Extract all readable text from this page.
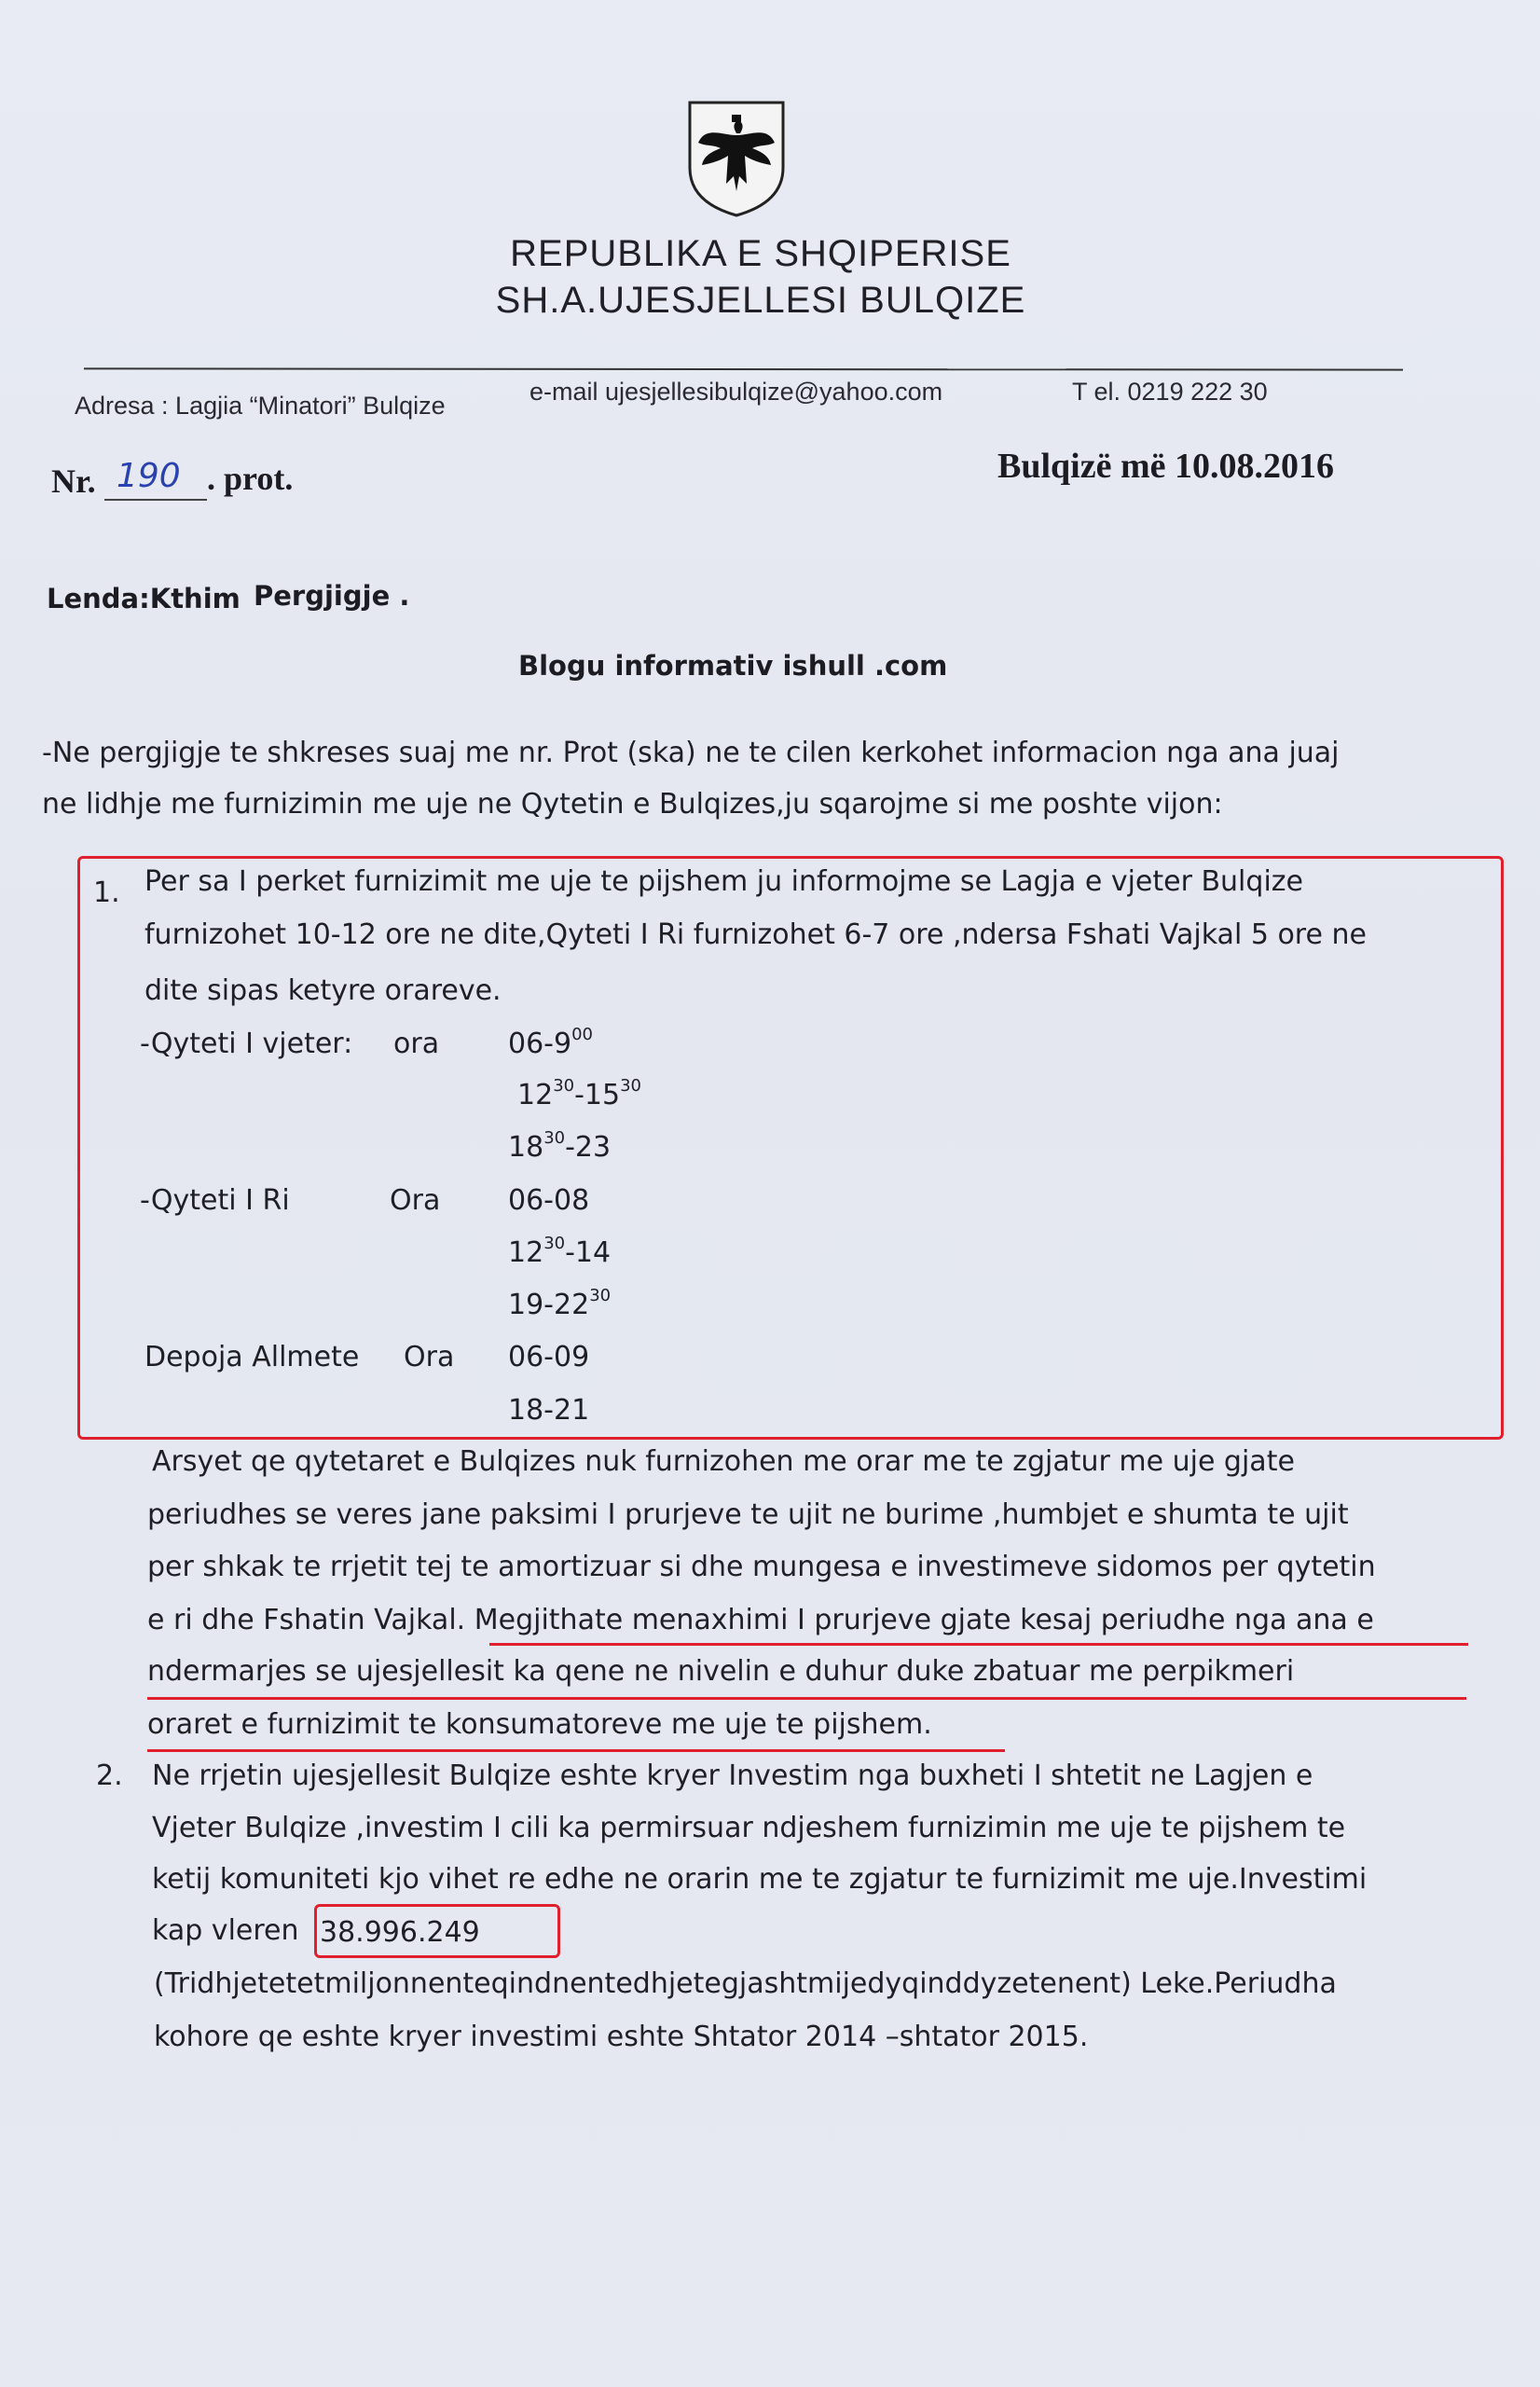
REPUBLIKA E SHQIPERISE
SH.A.UJESJELLESI BULQIZE
Adresa : Lagjia “Minatori” Bulqize	e-mail ujesjellesibulqize@yahoo.com	T el. 0219 222 30
Nr. 190 . prot.	Bulqizë më 10.08.2016
Lenda:Kthim Pergjigje .
Blogu informativ ishull .com
-Ne pergjigje te shkreses suaj me nr. Prot (ska) ne te cilen kerkohet informacion nga ana juaj
ne lidhje me furnizimin me uje ne Qytetin e Bulqizes,ju sqarojme si me poshte vijon:
1. Per sa I perket furnizimit me uje te pijshem ju informojme se Lagja e vjeter Bulqize
furnizohet 10-12 ore ne dite,Qyteti I Ri furnizohet 6-7 ore ,ndersa Fshati Vajkal 5 ore ne
dite sipas ketyre orareve.
-Qyteti I vjeter: ora $06-9^{00}$
$12^{30}-15^{30}$
$18^{30}-23$
-Qyteti I Ri	Ora 06-08
$12^{30}-14$
$19-22^{30}$
Depoja Allmete Ora 06-09
18-21
Arsyet qe qytetaret e Bulqizes nuk furnizohen me orar me te zgjatur me uje gjate
periudhes se veres jane paksimi I prurjeve te ujit ne burime ,humbjet e shumta te ujit
per shkak te rrjetit tej te amortizuar si dhe mungesa e investimeve sidomos per qytetin
e ri dhe Fshatin Vajkal. Megjithate menaxhimi I prurjeve gjate kesaj periudhe nga ana e
ndermarjes se ujesjellesit ka qene ne nivelin e duhur duke zbatuar me perpikmeri
oraret e furnizimit te konsumatoreve me uje te pijshem.
2. Ne rrjetin ujesjellesit Bulqize eshte kryer Investim nga buxheti I shtetit ne Lagjen e
Vjeter Bulqize ,investim I cili ka permirsuar ndjeshem furnizimin me uje te pijshem te
ketij komuniteti kjo vihet re edhe ne orarin me te zgjatur te furnizimit me uje.Investimi
kap vleren 38.996.249
(Tridhjetetetmiljonnenteqindnentedhjetegjashtmijedyqinddyzetenent) Leke.Periudha
kohore qe eshte kryer investimi eshte Shtator 2014 –shtator 2015.
